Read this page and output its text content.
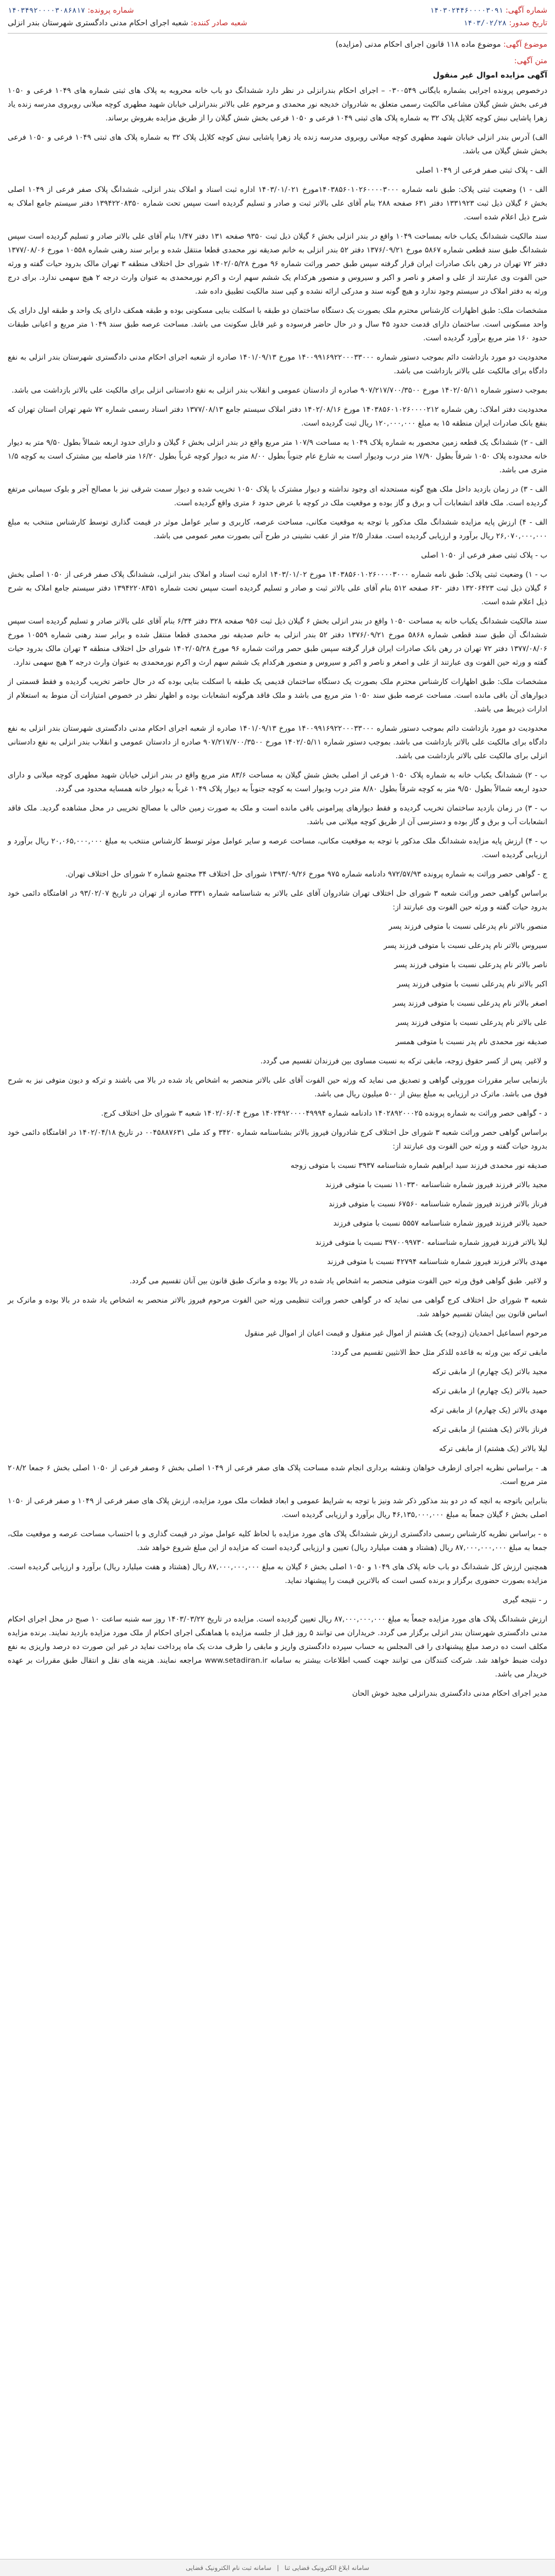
شماره آگهی: ۱۴۰۳۰۲۴۴۶۰۰۰۰۳۰۹۱
تاریخ صدور: ۱۴۰۳/۰۲/۲۸
شماره پرونده: ۱۴۰۳۴۹۲۰۰۰۰۳۰۸۶۸۱۷
شعبه صادر کننده: شعبه اجرای احکام مدنی دادگستری شهرستان بندر انزلی
موضوع آگهی: موضوع ماده ۱۱۸ قانون اجرای احکام مدنی (مزایده)
متن آگهی:
آگهی مزایده اموال غیر منقول

درخصوص پرونده اجرایی بشماره بایگانی ۰۳۰۰۵۴۹ – اجرای احکام بندرانزلی در نظر دارد ششدانگ دو باب خانه محروبه به پلاک های ثبتی شماره های ۱۰۴۹ فرعی و ۱۰۵۰ فرعی بخش شش گیلان مشاعی مالکیت رسمی متعلق به شادروان خدیجه نور محمدی و مرحوم علی بالاتر بندرانزلی خیابان شهید مطهری کوچه میلانی روبروی مدرسه زنده یاد زهرا پاشایی نبش کوچه کلاپل پلاک ۳۲ به شماره پلاک های ثبتی ۱۰۴۹ فرعی و ۱۰۵۰ فرعی بخش شش گیلان را از طریق مزایده بفروش برساند.

الف) آدرس بندر انزلی خیابان شهید مطهری کوچه میلانی روبروی مدرسه زنده یاد زهرا پاشایی نبش کوچه کلاپل پلاک ۳۲ به شماره پلاک های ثبتی ۱۰۴۹ فرعی و ۱۰۵۰ فرعی بخش شش گیلان می باشد.

الف - پلاک ثبتی صفر فرعی از ۱۰۴۹ اصلی

الف - ۱) وضعیت ثبتی پلاک: طبق نامه شماره ۱۴۰۳۸۵۶۰۱۰۲۶۰۰۰۰۳۰۰۰مورخ ۱۴۰۳/۰۱/۰۲۱ اداره ثبت اسناد و املاک بندر انزلی، ششدانگ پلاک صفر فرعی از ۱۰۴۹ اصلی بخش ۶ گیلان ذیل ثبت ۱۳۳۱۹۲۳ دفتر ۶۳۱ صفحه ۲۸۸ بنام آقای علی بالاتر ثبت و صادر و تسلیم گردیده است سپس تحت شماره ۱۳۹۴۲۲۰۸۳۵۰ دفتر سیستم جامع املاک به شرح ذیل اعلام شده است.

سند مالکیت ششدانگ یکباب خانه بمساحت ۱۰۴۹ واقع در بندر انزلی بخش ۶ گیلان ذیل ثبت ۹۳۵۰ صفحه ۱۳۱ دفتر ۱/۴۷ بنام آقای علی بالاتر صادر و تسلیم گردیده است سپس ششدانگ طبق سند قطعی شماره ۵۸۶۷ مورخ ۱۳۷۶/۰۹/۲۱ دفتر ۵۲ بندر انزلی به خانم صدیقه نور محمدی قطعا منتقل شده و برابر سند رهنی شماره ۱۰۵۵۸ مورخ ۱۳۷۷/۰۸/۰۶ دفتر ۷۲ تهران در رهن بانک صادرات ایران قرار گرفته سپس طبق حصر وراثت شماره ۹۶ مورخ ۱۴۰۲/۰۵/۲۸ شورای حل اختلاف منطقه ۳ تهران مالک بدرود حیات گفته و ورثه حین الفوت وی عبارتند از علی و اصغر و ناصر و اکبر و سیروس و منصور هرکدام یک ششم سهم ارث و اکرم نورمحمدی به عنوان وارث درجه ۲ هیچ سهمی ندارد. برای درج ورثه به دفتر املاک در سیستم وجود ندارد و هیچ گونه سند و مدرکی ارائه نشده و کپی سند مالکیت تطبیق داده شد.

مشخصات ملک: طبق اظهارات کارشناس محترم ملک بصورت یک دستگاه ساختمان دو طبقه با اسکلت بنایی مسکونی بوده و طبقه همکف دارای یک واحد و طبقه اول دارای یک واحد مسکونی است. ساختمان دارای قدمت حدود ۴۵ سال و در حال حاضر فرسوده و غیر قابل سکونت می باشد. مساحت عرصه طبق سند ۱۰۴۹ متر مربع و اعیانی طبقات حدود ۱۶۰ متر مربع برآورد گردیده است.

محدودیت دو مورد بازداشت دائم بموجب دستور شماره ۱۴۰۰۹۹۱۶۹۲۲۰۰۰۳۳۰۰۰ مورخ ۱۴۰۱/۰۹/۱۳ صادره از شعبه اجرای احکام مدنی دادگستری شهرستان بندر انزلی به نفع دادگاه برای مالکیت علی بالاتر بازداشت می باشد.

بموجب دستور شماره ۱۴۰۲/۰۵/۱۱ مورخ ۹۰۷/۲۱۷/۷۰۰/۳۵۰۰ صادره از دادستان عمومی و انقلاب بندر انزلی به نفع دادستانی انزلی برای مالکیت علی بالاتر بازداشت می باشد.

محدودیت دفتر املاک: رهن شماره ۱۴۰۳۸۵۶۰۱۰۲۶۰۰۰۰۲۱۲ مورخ ۱۴۰۲/۰۸/۱۶ دفتر املاک سیستم جامع ۱۳۷۷/۰۸/۱۳ دفتر اسناد رسمی شماره ۷۲ شهر تهران استان تهران که بنفع بانک صادرات ایران منطقه ۱۵ به مبلغ ۱۲۰,۰۰۰,۰۰۰ ریال ثبت گردیده است.

الف - ۲) ششدانگ یک قطعه زمین محصور به شماره پلاک ۱۰۴۹ به مساحت ۱۰۷/۹ متر مربع واقع در بندر انزلی بخش ۶ گیلان و دارای حدود اربعه شمالاً بطول ۹/۵۰ متر به دیوار خانه محدوده پلاک ۱۰۵۰ شرقاً بطول ۱۷/۹۰ متر درب ودیوار است به شارع عام جنوباً بطول ۸/۰۰ متر به دیوار کوچه غرباً بطول ۱۶/۲۰ متر فاصله بین مشترک است به کوچه ۱/۵ متری می باشد.

الف - ۳) در زمان بازدید داخل ملک هیچ گونه مستحدثه ای وجود نداشته و دیوار مشترک با پلاک ۱۰۵۰ تخریب شده و دیوار سمت شرقی نیز با مصالح آجر و بلوک سیمانی مرتفع گردیده است. ملک فاقد انشعابات آب و برق و گاز بوده و موقعیت ملک در کوچه با عرض حدود ۶ متری واقع گردیده است.

الف - ۴) ارزش پایه مزایده ششدانگ ملک مذکور با توجه به موقعیت مکانی، مساحت عرصه، کاربری و سایر عوامل موثر در قیمت گذاری توسط کارشناس منتخب به مبلغ ۲۶,۰۷۰,۰۰۰,۰۰۰ ریال برآورد و ارزیابی گردیده است. مقدار ۲/۵ متر از عقب نشینی در طرح آتی بصورت معبر عمومی می باشد.

ب - پلاک ثبتی صفر فرعی از ۱۰۵۰ اصلی

ب - ۱) وضعیت ثبتی پلاک: طبق نامه شماره ۱۴۰۳۸۵۶۰۱۰۲۶۰۰۰۰۳۰۰۰ مورخ ۱۴۰۳/۰۱/۰۲ اداره ثبت اسناد و املاک بندر انزلی، ششدانگ پلاک صفر فرعی از ۱۰۵۰ اصلی بخش ۶ گیلان ذیل ثبت ۱۳۲۰۶۴۲۳ دفتر ۶۳۰ صفحه ۵۱۲ بنام آقای علی بالاتر ثبت و صادر و تسلیم گردیده است سپس تحت شماره ۱۳۹۴۲۲۰۸۳۵۱ دفتر سیستم جامع املاک به شرح ذیل اعلام شده است.

سند مالکیت ششدانگ یکباب خانه به مساحت ۱۰۵۰ واقع در بندر انزلی بخش ۶ گیلان ذیل ثبت ۹۵۶ صفحه ۳۲۸ دفتر ۶/۳۴ بنام آقای علی بالاتر صادر و تسلیم گردیده است سپس ششدانگ آن طبق سند قطعی شماره ۵۸۶۸ مورخ ۱۳۷۶/۰۹/۲۱ دفتر ۵۲ بندر انزلی به خانم صدیقه نور محمدی قطعا منتقل شده و برابر سند رهنی شماره ۱۰۵۵۹ مورخ ۱۳۷۷/۰۸/۰۶ دفتر ۷۲ تهران در رهن بانک صادرات ایران قرار گرفته سپس طبق حصر وراثت شماره ۹۶ مورخ ۱۴۰۲/۰۵/۲۸ شورای حل اختلاف منطقه ۳ تهران مالک بدرود حیات گفته و ورثه حین الفوت وی عبارتند از علی و اصغر و ناصر و اکبر و سیروس و منصور هرکدام یک ششم سهم ارث و اکرم نورمحمدی به عنوان وارث درجه ۲ هیچ سهمی ندارد.

مشخصات ملک: طبق اظهارات کارشناس محترم ملک بصورت یک دستگاه ساختمان قدیمی یک طبقه با اسکلت بنایی بوده که در حال حاضر تخریب گردیده و فقط قسمتی از دیوارهای آن باقی مانده است. مساحت عرصه طبق سند ۱۰۵۰ متر مربع می باشد و ملک فاقد هرگونه انشعابات بوده و اظهار نظر در خصوص امتیازات آن منوط به استعلام از ادارات ذیربط می باشد.

محدودیت دو مورد بازداشت دائم بموجب دستور شماره ۱۴۰۰۹۹۱۶۹۲۲۰۰۰۳۳۰۰۰ مورخ ۱۴۰۱/۰۹/۱۳ صادره از شعبه اجرای احکام مدنی دادگستری شهرستان بندر انزلی به نفع دادگاه برای مالکیت علی بالاتر بازداشت می باشد. بموجب دستور شماره ۱۴۰۲/۰۵/۱۱ مورخ ۹۰۷/۲۱۷/۷۰۰/۳۵۰۰ صادره از دادستان عمومی و انقلاب بندر انزلی به نفع دادستانی انزلی برای مالکیت علی بالاتر بازداشت می باشد.

ب - ۲) ششدانگ یکباب خانه به شماره پلاک ۱۰۵۰ فرعی از اصلی بخش شش گیلان به مساحت ۸۳/۶ متر مربع واقع در بندر انزلی خیابان شهید مطهری کوچه میلانی و دارای حدود اربعه شمالاً بطول ۹/۵۰ متر به کوچه شرقاً بطول ۸/۸۰ متر درب ودیوار است به کوچه جنوباً به دیوار پلاک ۱۰۴۹ غرباً به دیوار خانه همسایه محدود می گردد.

ب - ۳) در زمان بازدید ساختمان تخریب گردیده و فقط دیوارهای پیرامونی باقی مانده است و ملک به صورت زمین خالی با مصالح تخریبی در محل مشاهده گردید. ملک فاقد انشعابات آب و برق و گاز بوده و دسترسی آن از طریق کوچه میلانی می باشد.

ب - ۴) ارزش پایه مزایده ششدانگ ملک مذکور با توجه به موقعیت مکانی، مساحت عرصه و سایر عوامل موثر توسط کارشناس منتخب به مبلغ ۲۰,۰۶۵,۰۰۰,۰۰۰ ریال برآورد و ارزیابی گردیده است.

ج - گواهی حصر وراثت به شماره پرونده ۹۷۲/۵۷/۹۳ دادنامه شماره ۹۷۵ مورخ ۱۳۹۳/۰۹/۲۶ شورای حل اختلاف ۳۴ مجتمع شماره ۲ شورای حل اختلاف تهران.

براساس گواهی حصر وراثت شعبه ۳ شورای حل اختلاف تهران شادروان آقای علی بالاتر به شناسنامه شماره ۳۳۳۱ صادره از تهران در تاریخ ۹۳/۰۲/۰۷ در اقامتگاه دائمی خود بدرود حیات گفته و ورثه حین الفوت وی عبارتند از:

منصور بالاتر نام پدرعلی نسبت با متوفی فرزند پسر

سیروس بالاتر نام پدرعلی نسبت با متوفی فرزند پسر

ناصر بالاتر نام پدرعلی نسبت با متوفی فرزند پسر

اکبر بالاتر نام پدرعلی نسبت با متوفی فرزند پسر

اصغر بالاتر نام پدرعلی نسبت با متوفی فرزند پسر

علی بالاتر نام پدرعلی نسبت با متوفی فرزند پسر

صدیقه نور محمدی نام پدر نسبت با متوفی همسر

و لاغیر. پس از کسر حقوق زوجه، مابقی ترکه به نسبت مساوی بین فرزندان تقسیم می گردد.

بازنمایی سایر مقررات موروثی گواهی و تصدیق می نماید که ورثه حین الفوت آقای علی بالاتر منحصر به اشخاص یاد شده در بالا می باشند و ترکه و دیون متوفی نیز به شرح فوق می باشد. ماترک در ارزیابی به مبلغ بیش از ۵۰۰ میلیون ریال می باشد.

د - گواهی حصر وراثت به شماره پرونده ۱۴۰۲۸۹۲۰۰۰۲۵ دادنامه شماره ۱۴۰۲۴۹۲۰۰۰۰۴۹۹۹۴ مورخ ۱۴۰۲/۰۶/۰۴ شعبه ۳ شورای حل اختلاف کرج.

براساس گواهی حصر وراثت شعبه ۳ شورای حل اختلاف کرج شادروان فیروز بالاتر بشناسنامه شماره ۳۴۲۰ و کد ملی ۰۰۴۵۸۸۷۶۳۱ در تاریخ ۱۴۰۲/۰۴/۱۸ در اقامتگاه دائمی خود بدرود حیات گفته و ورثه حین الفوت وی عبارتند از:

صدیقه نور محمدی فرزند سید ابراهیم شماره شناسنامه ۳۹۳۷ نسبت با متوفی زوجه

مجید بالاتر فرزند فیروز شماره شناسنامه ۱۱۰۳۳۰ نسبت با متوفی فرزند

فرناز بالاتر فرزند فیروز شماره شناسنامه ۶۷۵۶۰ نسبت با متوفی فرزند

حمید بالاتر فرزند فیروز شماره شناسنامه ۵۵۵۷ نسبت با متوفی فرزند

لیلا بالاتر فرزند فیروز شماره شناسنامه ۳۹۷۰۰۹۹۷۳۰ نسبت با متوفی فرزند

مهدی بالاتر فرزند فیروز شماره شناسنامه ۴۲۷۹۴ نسبت با متوفی فرزند

و لاغیر. طبق گواهی فوق ورثه حین الفوت متوفی منحصر به اشخاص یاد شده در بالا بوده و ماترک طبق قانون بین آنان تقسیم می گردد.

شعبه ۳ شورای حل اختلاف کرج گواهی می نماید که در گواهی حصر وراثت تنظیمی ورثه حین الفوت مرحوم فیروز بالاتر منحصر به اشخاص یاد شده در بالا بوده و ماترک بر اساس قانون بین ایشان تقسیم خواهد شد.

مرحوم اسماعیل احمدیان (زوجه) یک هشتم از اموال غیر منقول و قیمت اعیان از اموال غیر منقول

مابقی ترکه بین ورثه به قاعده للذکر مثل حظ الانثیین تقسیم می گردد:

مجید بالاتر (یک چهارم) از مابقی ترکه

حمید بالاتر (یک چهارم) از مابقی ترکه

مهدی بالاتر (یک چهارم) از مابقی ترکه

فرناز بالاتر (یک هشتم) از مابقی ترکه

لیلا بالاتر (یک هشتم) از مابقی ترکه

هـ - براساس نظریه اجرای ازطرف خواهان ونقشه برداری انجام شده مساحت پلاک های صفر فرعی از ۱۰۴۹ اصلی بخش ۶ وصفر فرعی از ۱۰۵۰ اصلی بخش ۶ جمعا ۲۰۸/۲ متر مربع است.

بنابراین باتوجه به انچه که در دو بند مذکور ذکر شد ونیز با توجه به شرایط عمومی و ابعاد قطعات ملک مورد مزایده، ارزش پلاک های صفر فرعی از ۱۰۴۹ و صفر فرعی از ۱۰۵۰ اصلی بخش ۶ گیلان جمعاً به مبلغ ۴۶,۱۳۵,۰۰۰,۰۰۰ ریال برآورد و ارزیابی گردیده است.

ه - براساس نظریه کارشناس رسمی دادگستری ارزش ششدانگ پلاک های مورد مزایده با لحاظ کلیه عوامل موثر در قیمت گذاری و با احتساب مساحت عرصه و موقعیت ملک، جمعا به مبلغ ۸۷,۰۰۰,۰۰۰,۰۰۰ ریال (هشتاد و هفت میلیارد ریال) تعیین و ارزیابی گردیده است که مزایده از این مبلغ شروع خواهد شد.

همچنین ارزش کل ششدانگ دو باب خانه پلاک های ۱۰۴۹ و ۱۰۵۰ اصلی بخش ۶ گیلان به مبلغ ۸۷,۰۰۰,۰۰۰,۰۰۰ ریال (هشتاد و هفت میلیارد ریال) برآورد و ارزیابی گردیده است. مزایده بصورت حضوری برگزار و برنده کسی است که بالاترین قیمت را پیشنهاد نماید.

ر - نتیجه گیری

ارزش ششدانگ پلاک های مورد مزایده جمعاً به مبلغ ۸۷,۰۰۰,۰۰۰,۰۰۰ ریال تعیین گردیده است. مزایده در تاریخ ۱۴۰۳/۰۳/۲۲ روز سه شنبه ساعت ۱۰ صبح در محل اجرای احکام مدنی دادگستری شهرستان بندر انزلی برگزار می گردد. خریداران می توانند ۵ روز قبل از جلسه مزایده با هماهنگی اجرای احکام از ملک مورد مزایده بازدید نمایند. برنده مزایده مکلف است ده درصد مبلغ پیشنهادی را فی المجلس به حساب سپرده دادگستری واریز و مابقی را ظرف مدت یک ماه پرداخت نماید در غیر این صورت ده درصد واریزی به نفع دولت ضبط خواهد شد. شرکت کنندگان می توانند جهت کسب اطلاعات بیشتر به سامانه www.setadiran.ir مراجعه نمایند. هزینه های نقل و انتقال طبق مقررات بر عهده خریدار می باشد.

مدیر اجرای احکام مدنی دادگستری بندرانزلی مجید خوش الحان

سامانه ابلاغ الکترونیک قضایی ثنا
|
سامانه ثبت نام الکترونیک قضایی
